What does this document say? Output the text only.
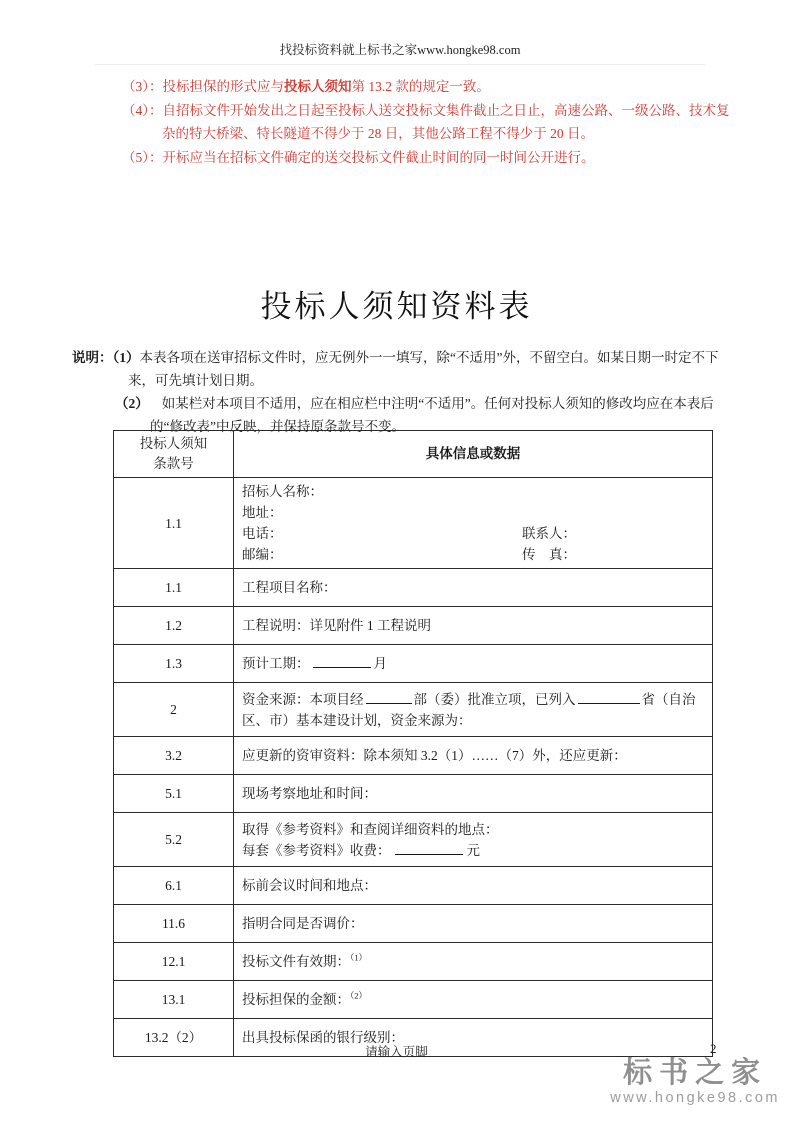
找投标资料就上标书之家www.hongke98.com
（3）：投标担保的形式应与投标人须知第 13.2 款的规定一致。
（4）：自招标文件开始发出之日起至投标人送交投标文集件截止之日止，高速公路、一级公路、技术复杂的特大桥梁、特长隧道不得少于 28 日，其他公路工程不得少于 20 日。
（5）：开标应当在招标文件确定的送交投标文件截止时间的同一时间公开进行。
投标人须知资料表
说明：（1）本表各项在送审招标文件时，应无例外一一填写，除“不适用”外，不留空白。如某日期一时定不下来，可先填计划日期。
（2） 如某栏对本项目不适用，应在相应栏中注明“不适用”。任何对投标人须知的修改均应在本表后的“修改表”中反映，并保持原条款号不变。
投标人须知
条款号	具体信息或数据
1.1	
招标人名称：
地址：
电话：	联系人：
邮编：	传　真：

1.1	工程项目名称：
1.2	工程说明：详见附件 1 工程说明
1.3	预计工期： 月
2	资金来源：本项目经 部（委）批准立项，已列入 省（自治区、市）基本建设计划，资金来源为：
3.2	应更新的资审资料：除本须知 3.2（1）……（7）外，还应更新：
5.1	现场考察地址和时间：
5.2	取得《参考资料》和查阅详细资料的地点：
每套《参考资料》收费： 元

6.1	标前会议时间和地点：
11.6	指明合同是否调价：
12.1	投标文件有效期：$^{(1)}$
13.1	投标担保的金额：$^{(2)}$
13.2（2）	出具投标保函的银行级别：
请输入页脚	2
标书之家
www.hongke98.com
